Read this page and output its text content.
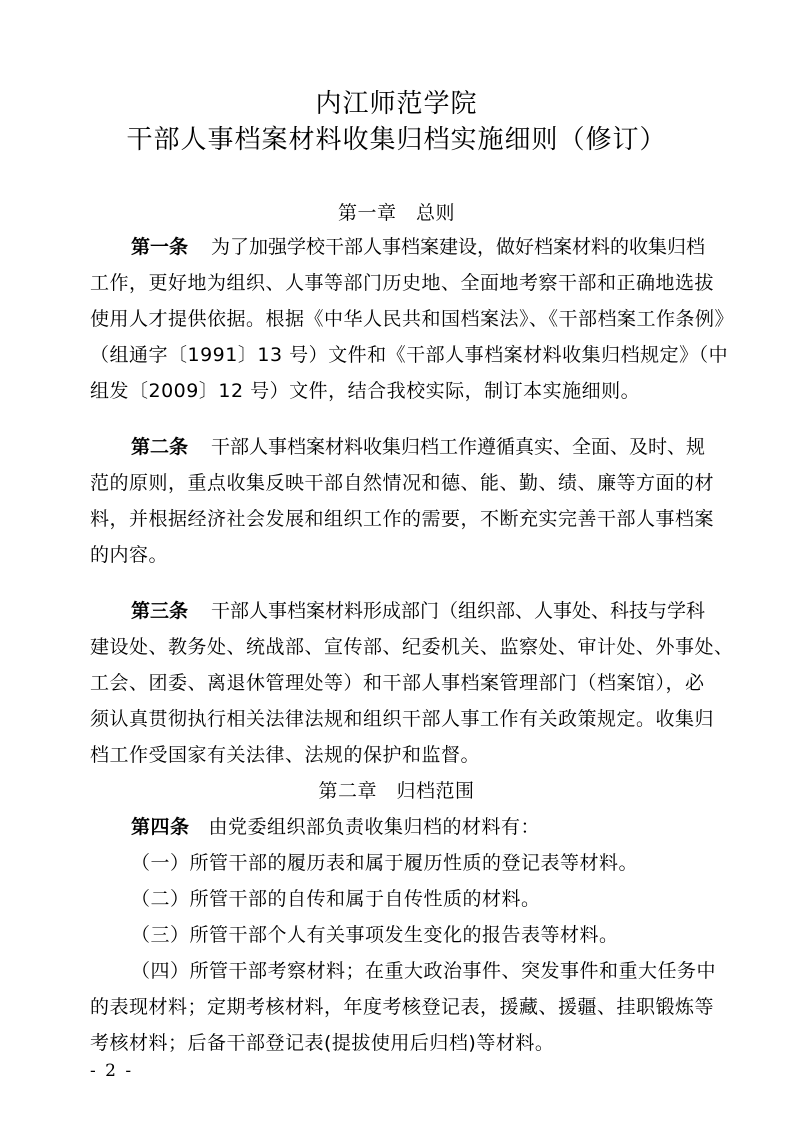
内江师范学院
干部人事档案材料收集归档实施细则（修订）
第一章　总则
第一条 为了加强学校干部人事档案建设，做好档案材料的收集归档
工作，更好地为组织、人事等部门历史地、全面地考察干部和正确地选拔
使用人才提供依据。根据《中华人民共和国档案法》、《干部档案工作条例》
（组通字〔1991〕13 号）文件和《干部人事档案材料收集归档规定》（中
组发〔2009〕12 号）文件，结合我校实际，制订本实施细则。
第二条 干部人事档案材料收集归档工作遵循真实、全面、及时、规
范的原则，重点收集反映干部自然情况和德、能、勤、绩、廉等方面的材
料，并根据经济社会发展和组织工作的需要，不断充实完善干部人事档案
的内容。
第三条 干部人事档案材料形成部门（组织部、人事处、科技与学科
建设处、教务处、统战部、宣传部、纪委机关、监察处、审计处、外事处、
工会、团委、离退休管理处等）和干部人事档案管理部门（档案馆），必
须认真贯彻执行相关法律法规和组织干部人事工作有关政策规定。收集归
档工作受国家有关法律、法规的保护和监督。
第二章　归档范围
第四条 由党委组织部负责收集归档的材料有：
（一）所管干部的履历表和属于履历性质的登记表等材料。
（二）所管干部的自传和属于自传性质的材料。
（三）所管干部个人有关事项发生变化的报告表等材料。
（四）所管干部考察材料；在重大政治事件、突发事件和重大任务中
的表现材料；定期考核材料，年度考核登记表，援藏、援疆、挂职锻炼等
考核材料；后备干部登记表(提拔使用后归档)等材料。
- 2 -
